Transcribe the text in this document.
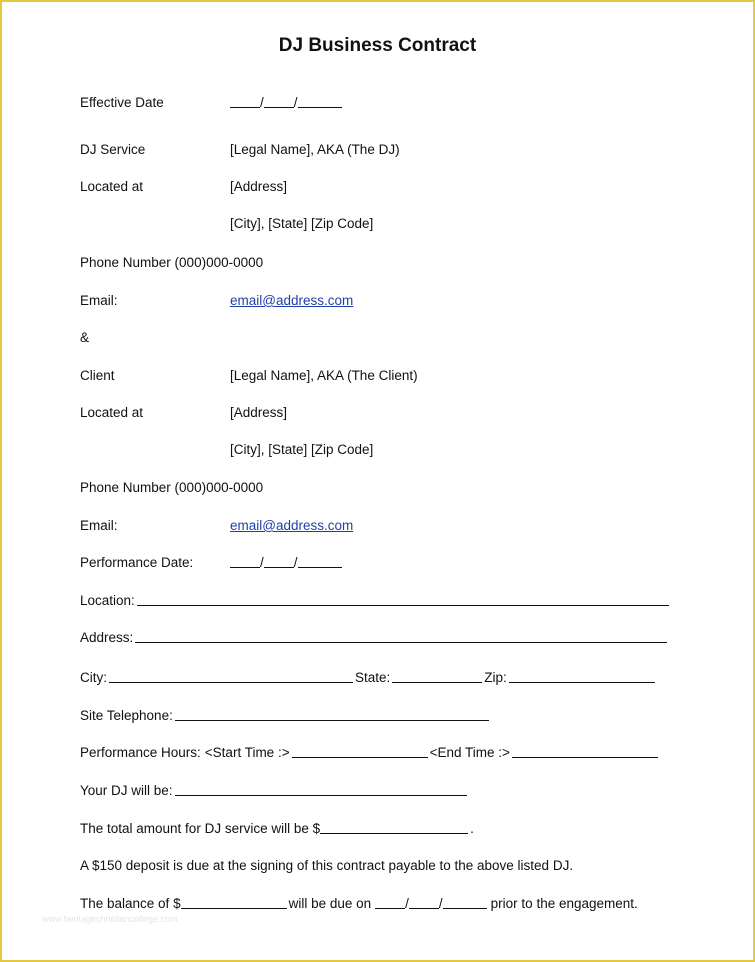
DJ Business Contract
Effective Date	/ /
DJ Service	[Legal Name], AKA (The DJ)
Located at	[Address]
[City], [State] [Zip Code]
Phone Number (000)000-0000
Email:	email@address.com
&
Client	[Legal Name], AKA (The Client)
Located at	[Address]
[City], [State] [Zip Code]
Phone Number (000)000-0000
Email:	email@address.com
Performance Date:	/ /
Location:
Address:
City:	State:	Zip:
Site Telephone:
Performance Hours: <Start Time :>	<End Time :>
Your DJ will be:
The total amount for DJ service will be $	.
A $150 deposit is due at the signing of this contract payable to the above listed DJ.
The balance of $	will be due on	/ /	prior to the engagement.
www.heritagechristiancollege.com
